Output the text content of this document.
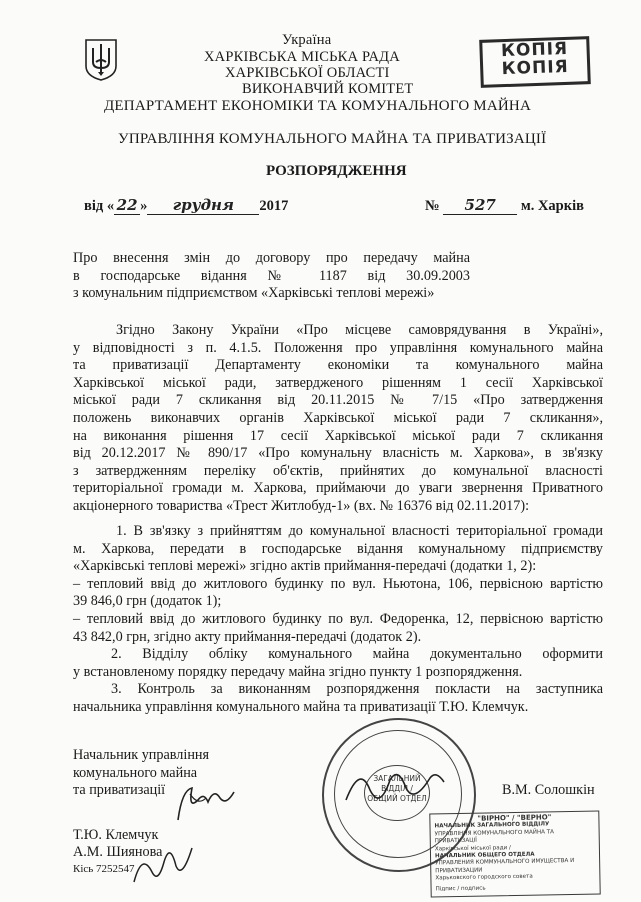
Україна
ХАРКІВСЬКА МІСЬКА РАДА
ХАРКІВСЬКОЇ ОБЛАСТІ
ВИКОНАВЧИЙ КОМІТЕТ
ДЕПАРТАМЕНТ ЕКОНОМІКИ ТА КОМУНАЛЬНОГО МАЙНА
КОПІЯ
КОПІЯ
УПРАВЛІННЯ КОМУНАЛЬНОГО МАЙНА ТА ПРИВАТИЗАЦІЇ
РОЗПОРЯДЖЕННЯ
від « 22 » грудня 2017	№ 527 м. Харків
Про внесення змін до договору про передачу майна
в господарське відання № 1187 від 30.09.2003
з комунальним підприємством «Харківські теплові мережі»
Згідно Закону України «Про місцеве самоврядування в Україні»,
у відповідності з п. 4.1.5. Положення про управління комунального майна
та приватизації Департаменту економіки та комунального майна
Харківської міської ради, затвердженого рішенням 1 сесії Харківської
міської ради 7 скликання від 20.11.2015 № 7/15 «Про затвердження
положень виконавчих органів Харківської міської ради 7 скликання»,
на виконання рішення 17 сесії Харківської міської ради 7 скликання
від 20.12.2017 № 890/17 «Про комунальну власність м. Харкова», в зв'язку
з затвердженням переліку об'єктів, прийнятих до комунальної власності
територіальної громади м. Харкова, приймаючи до уваги звернення Приватного
акціонерного товариства «Трест Житлобуд-1» (вх. № 16376 від 02.11.2017):
1. В зв'язку з прийняттям до комунальної власності територіальної громади
м. Харкова, передати в господарське відання комунальному підприємству
«Харківські теплові мережі» згідно актів приймання-передачі (додатки 1, 2):
– тепловий ввід до житлового будинку по вул. Ньютона, 106, первісною вартістю
39 846,0 грн (додаток 1);
– тепловий ввід до житлового будинку по вул. Федоренка, 12, первісною вартістю
43 842,0 грн, згідно акту приймання-передачі (додаток 2).
2. Відділу обліку комунального майна документально оформити
у встановленому порядку передачу майна згідно пункту 1 розпорядження.
3. Контроль за виконанням розпорядження покласти на заступника
начальника управління комунального майна та приватизації Т.Ю. Клемчук.
ЗАГАЛЬНИЙ
ВІДДІЛ /
ОБЩИЙ ОТДЕЛ
Начальник управління
комунального майна
та приватизації	В.М. Солошкін
Т.Ю. Клемчук
А.М. Шиянова
Кісь 7252547
"ВІРНО" / "ВЕРНО"
НАЧАЛЬНИК ЗАГАЛЬНОГО ВІДДІЛУ
УПРАВЛІННЯ КОМУНАЛЬНОГО МАЙНА ТА ПРИВАТИЗАЦІЇ
Харківської міської ради /
НАЧАЛЬНИК ОБЩЕГО ОТДЕЛА
УПРАВЛЕНИЯ КОММУНАЛЬНОГО ИМУЩЕСТВА И ПРИВАТИЗАЦИИ
Харьковского городского совета
Підпис / подпись
